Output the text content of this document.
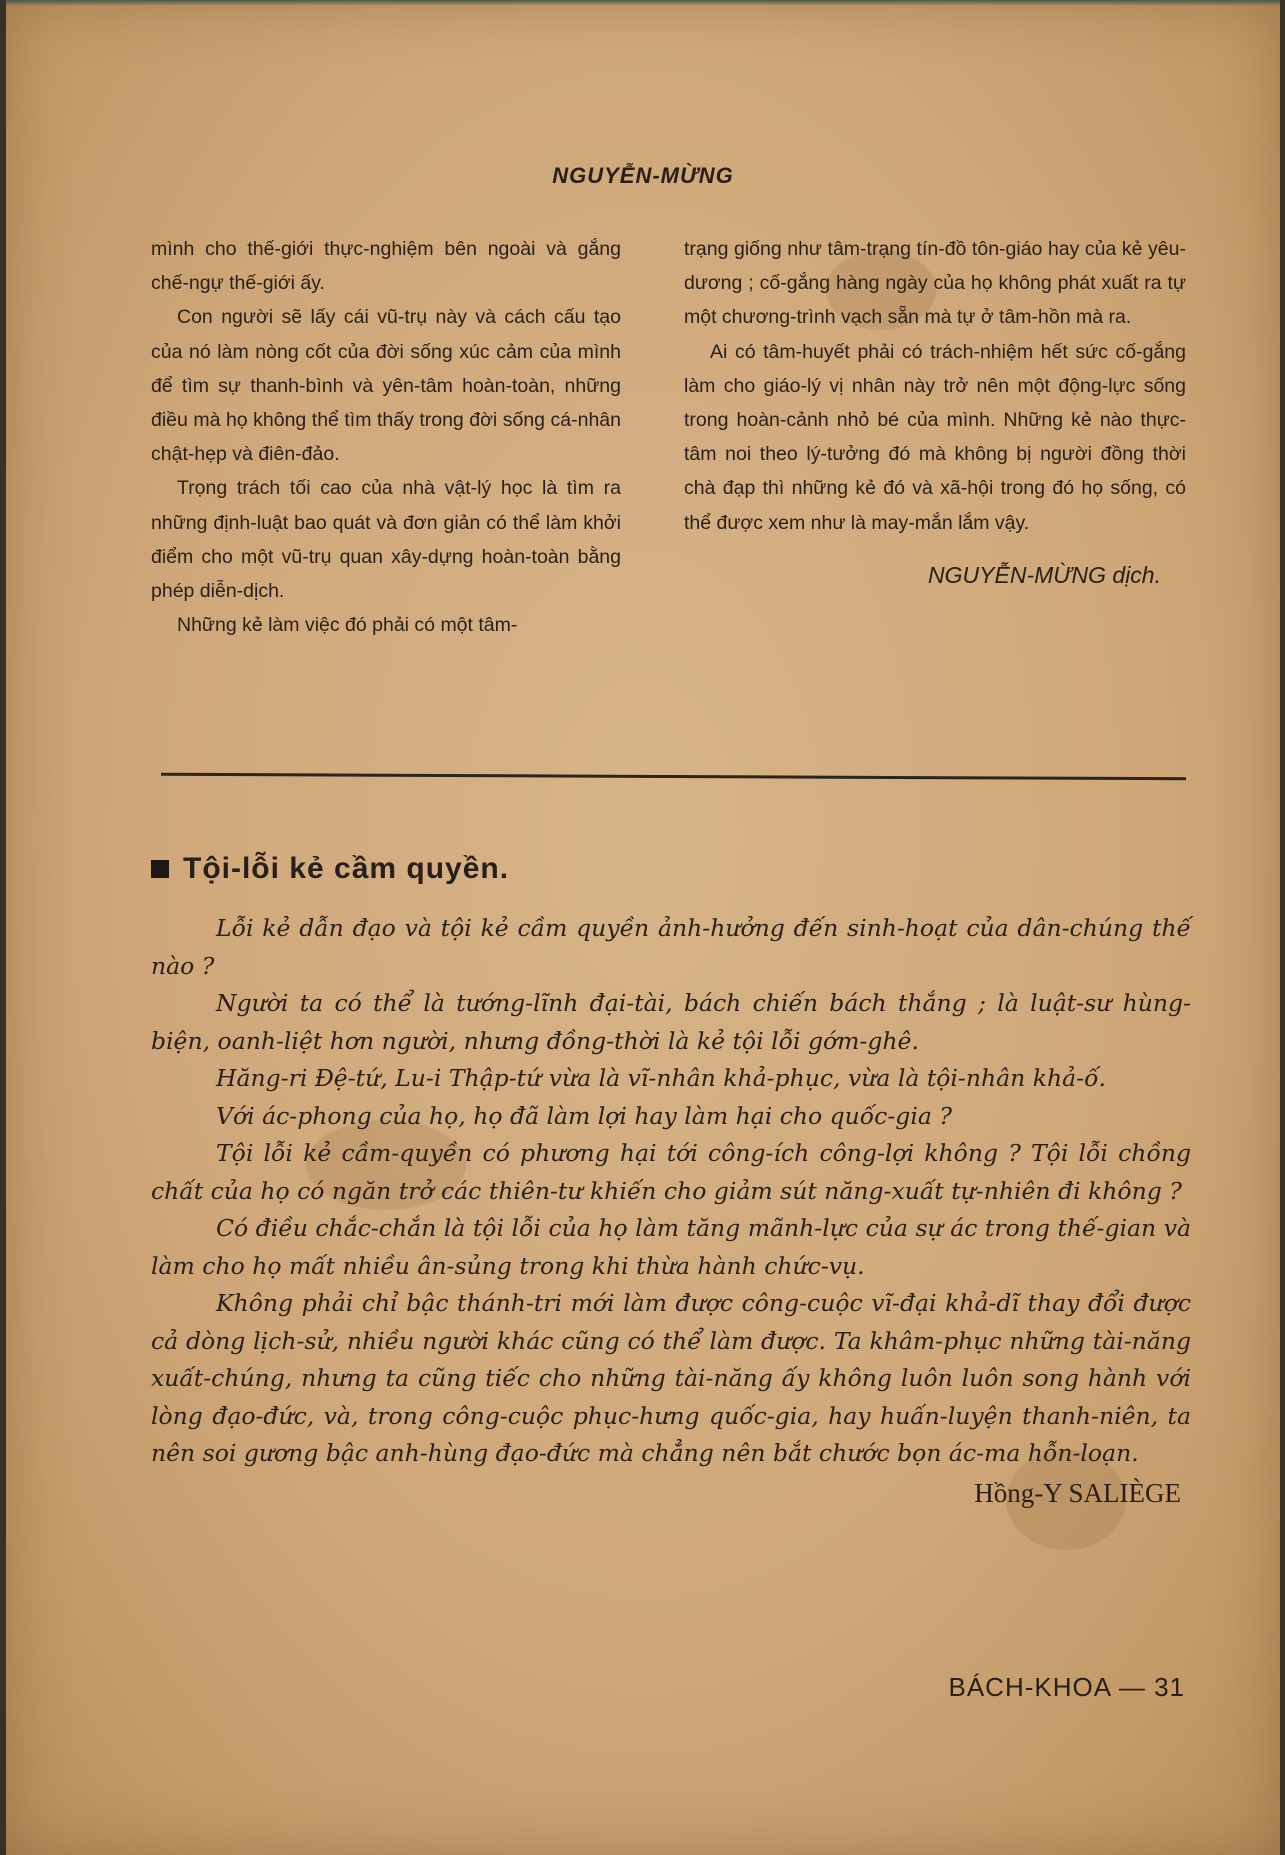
NGUYỄN-MỪNG

mình cho thế-giới thực-nghiệm bên ngoài và gắng chế-ngự thế-giới ấy.

Con người sẽ lấy cái vũ-trụ này và cách cấu tạo của nó làm nòng cốt của đời sống xúc cảm của mình để tìm sự thanh-bình và yên-tâm hoàn-toàn, những điều mà họ không thể tìm thấy trong đời sống cá-nhân chật-hẹp và điên-đảo.

Trọng trách tối cao của nhà vật-lý học là tìm ra những định-luật bao quát và đơn giản có thể làm khởi điểm cho một vũ-trụ quan xây-dựng hoàn-toàn bằng phép diễn-dịch.

Những kẻ làm việc đó phải có một tâm-

trạng giống như tâm-trạng tín-đồ tôn-giáo hay của kẻ yêu-dương ; cố-gắng hàng ngày của họ không phát xuất ra tự một chương-trình vạch sẵn mà tự ở tâm-hồn mà ra.

Ai có tâm-huyết phải có trách-nhiệm hết sức cố-gắng làm cho giáo-lý vị nhân này trở nên một động-lực sống trong hoàn-cảnh nhỏ bé của mình. Những kẻ nào thực-tâm noi theo lý-tưởng đó mà không bị người đồng thời chà đạp thì những kẻ đó và xã-hội trong đó họ sống, có thể được xem như là may-mắn lắm vậy.

NGUYỄN-MỪNG dịch.
Tội-lỗi kẻ cầm quyền.

Lỗi kẻ dẫn đạo và tội kẻ cầm quyền ảnh-hưởng đến sinh-hoạt của dân-chúng thế nào ?

Người ta có thể là tướng-lĩnh đại-tài, bách chiến bách thắng ; là luật-sư hùng-biện, oanh-liệt hơn người, nhưng đồng-thời là kẻ tội lỗi gớm-ghê.

Hăng-ri Đệ-tứ, Lu-i Thập-tứ vừa là vĩ-nhân khả-phục, vừa là tội-nhân khả-ố.

Với ác-phong của họ, họ đã làm lợi hay làm hại cho quốc-gia ?

Tội lỗi kẻ cầm-quyền có phương hại tới công-ích công-lợi không ? Tội lỗi chồng chất của họ có ngăn trở các thiên-tư khiến cho giảm sút năng-xuất tự-nhiên đi không ?

Có điều chắc-chắn là tội lỗi của họ làm tăng mãnh-lực của sự ác trong thế-gian và làm cho họ mất nhiều ân-sủng trong khi thừa hành chức-vụ.

Không phải chỉ bậc thánh-tri mới làm được công-cuộc vĩ-đại khả-dĩ thay đổi được cả dòng lịch-sử, nhiều người khác cũng có thể làm được. Ta khâm-phục những tài-năng xuất-chúng, nhưng ta cũng tiếc cho những tài-năng ấy không luôn luôn song hành với lòng đạo-đức, và, trong công-cuộc phục-hưng quốc-gia, hay huấn-luyện thanh-niên, ta nên soi gương bậc anh-hùng đạo-đức mà chẳng nên bắt chước bọn ác-ma hỗn-loạn.

Hồng-Y SALIÈGE
BÁCH-KHOA — 31
